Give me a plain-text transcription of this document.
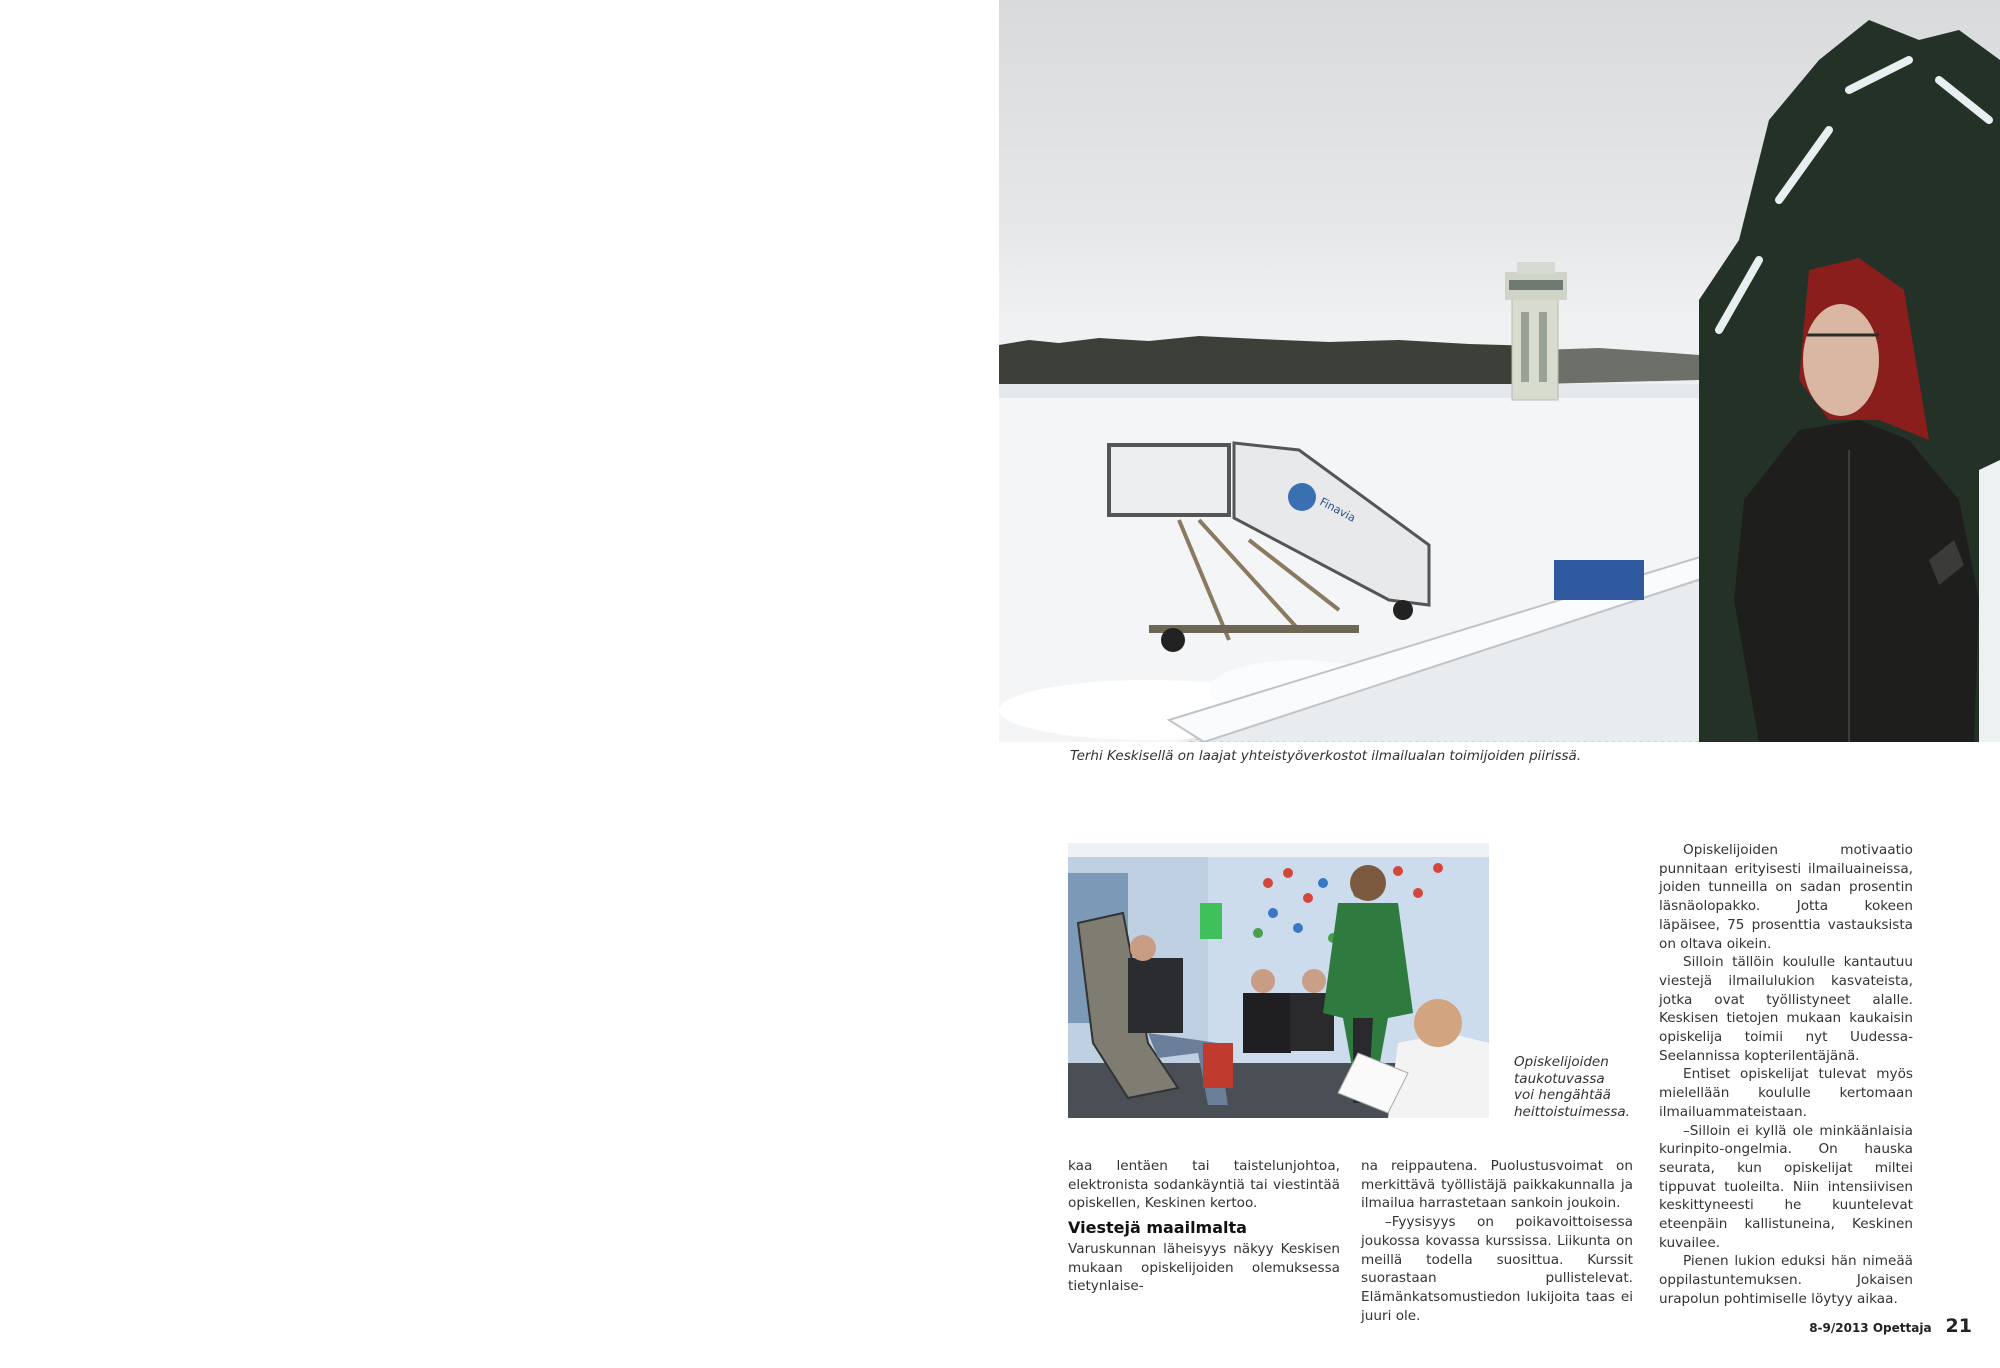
Finavia
Terhi Keskisellä on laajat yhteistyöverkostot ilmailualan toimijoiden piirissä.
Opiskelijoiden
taukotuvassa
voi hengähtää
heittoistuimessa.

kaa lentäen tai taistelunjohtoa, elektronista sodankäyntiä tai viestintää opiskellen, Keskinen kertoo.

Viestejä maailmalta

Varuskunnan läheisyys näkyy Keskisen mukaan opiskelijoiden olemuksessa tietynlaise-

na reippautena. Puolustusvoimat on merkittävä työllistäjä paikkakunnalla ja ilmailua harrastetaan sankoin joukoin.

–Fyysisyys on poikavoittoisessa joukossa kovassa kurssissa. Liikunta on meillä todella suosittua. Kurssit suorastaan pullistelevat. Elämänkatsomustiedon lukijoita taas ei juuri ole.

Opiskelijoiden motivaatio punnitaan erityisesti ilmailuaineissa, joiden tunneilla on sadan prosentin läsnäolopakko. Jotta kokeen läpäisee, 75 prosenttia vastauksista on oltava oikein.

Silloin tällöin koululle kantautuu viestejä ilmailulukion kasvateista, jotka ovat työllistyneet alalle. Keskisen tietojen mukaan kaukaisin opiskelija toimii nyt Uudessa-Seelannissa kopterilentäjänä.

Entiset opiskelijat tulevat myös mielellään koululle kertomaan ilmailuammateistaan.

–Silloin ei kyllä ole minkäänlaisia kurinpito-ongelmia. On hauska seurata, kun opiskelijat miltei tippuvat tuoleilta. Niin intensiivisen keskittyneesti he kuuntelevat eteenpäin kallistuneina, Keskinen kuvailee.

Pienen lukion eduksi hän nimeää oppilastuntemuksen. Jokaisen urapolun pohtimiselle löytyy aikaa.

8-9/2013 Opettaja 21
